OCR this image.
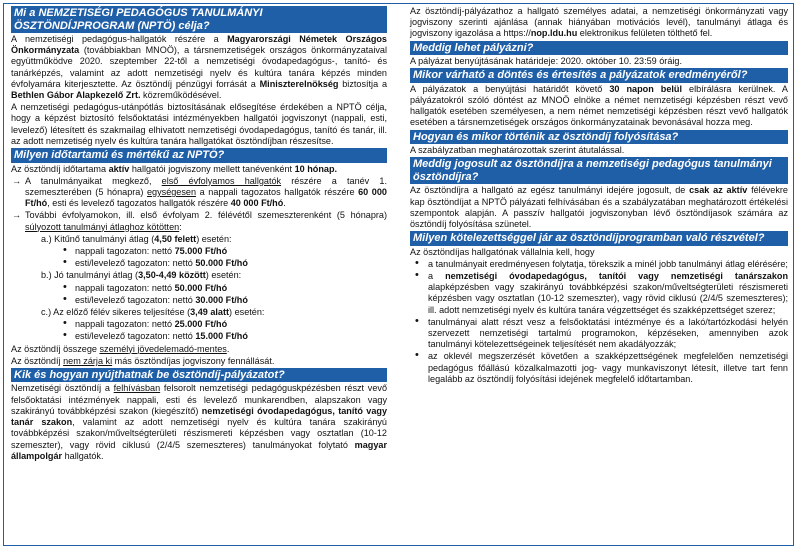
Mi a NEMZETISÉGI PEDAGÓGUS TANULMÁNYI ÖSZTÖNDÍJPROGRAM (NPTÖ) célja?
A nemzetiségi pedagógus-hallgatók részére a Magyarországi Németek Országos Önkormányzata (továbbiakban MNOÖ), a társnemzetiségek országos önkormányzataival együttműködve 2020. szeptember 22-től a nemzetiségi óvodapedagógus-, tanító- és tanárképzés, valamint az adott nemzetiségi nyelv és kultúra tanára képzés minden évfolyamára kiterjesztette. Az ösztöndíj pénzügyi forrását a Miniszterelnökség biztosítja a Bethlen Gábor Alapkezelő Zrt. közreműködésével.
A nemzetiségi pedagógus-utánpótlás biztosításának elősegítése érdekében a NPTÖ célja, hogy a képzést biztosító felsőoktatási intézményekben hallgatói jogviszonyt (nappali, esti, levelező) létesített és szakmailag elhivatott nemzetiségi óvodapedagógus, tanító és tanár, ill. az adott nemzetiség nyelv és kultúra tanára hallgatókat ösztöndíjban részesítse.
Milyen időtartamú és mértékű az NPTÖ?
Az ösztöndíj időtartama aktív hallgatói jogviszony mellett tanévenként 10 hónap.
→ A tanulmányaikat megkező, első évfolyamos hallgatók részére a tanév 1. szemeszterében (5 hónapra) egységesen a nappali tagozatos hallgatók részére 60 000 Ft/hó, esti és levelező tagozatos hallgatók részére 40 000 Ft/hó.
→ További évfolyamokon, ill. első évfolyam 2. félévétől szemeszterenként (5 hónapra) súlyozott tanulmányi átlaghoz kötötten:
a.) Kitűnő tanulmányi átlag (4,50 felett) esetén:
• nappali tagozaton: nettó 75.000 Ft/hó
• esti/levelező tagozaton: nettó 50.000 Ft/hó
b.) Jó tanulmányi átlag (3,50-4,49 között) esetén:
• nappali tagozaton: nettó 50.000 Ft/hó
• esti/levelező tagozaton: nettó 30.000 Ft/hó
c.) Az előző félév sikeres teljesítése (3,49 alatt) esetén:
• nappali tagozaton: nettó 25.000 Ft/hó
• esti/levelező tagozaton: nettó 15.000 Ft/hó
Az ösztöndíj összege személyi jövedelemadó-mentes.
Az ösztöndíj nem zárja ki más ösztöndíjas jogviszony fennállását.
Kik és hogyan nyújthatnak be ösztöndíj-pályázatot?
Nemzetiségi ösztöndíj a felhívásban felsorolt nemzetiségi pedagóguskpézésben részt vevő felsőoktatási intézmények nappali, esti és levelező munkarendben, alapszakon vagy szakirányú továbbképzési szakon (kiegészítő) nemzetiségi óvodapedagógus, tanító vagy tanár szakon, valamint az adott nemzetiségi nyelv és kultúra tanára szakirányú továbbképzési szakon/műveltségterületi részismereti képzésben vagy osztatlan (10-12 szemeszter), vagy rövid ciklusú (2/4/5 szemeszteres) tanulmányokat folytató magyar állampolgár hallgatók.
Az ösztöndíj-pályázathoz a hallgató személyes adatai, a nemzetiségi önkormányzati vagy jogviszony szerinti ajánlása (annak hiányában motivációs levél), tanulmányi átlaga és jogviszony igazolása a https://nop.ldu.hu elektronikus felületen tölthető fel.
Meddig lehet pályázni?
A pályázat benyújtásának határideje: 2020. október 10. 23:59 óráig.
Mikor várható a döntés és értesítés a pályázatok eredményéről?
A pályázatok a benyújtási határidőt követő 30 napon belül elbírálásra kerülnek. A pályázatokról szóló döntést az MNOÖ elnöke a német nemzetiségi képzésben részt vevő hallgatók esetében személyesen, a nem német nemzetiségi képzésben részt vevő hallgatók esetében a társnemzetiségek országos önkormányzatainak bevonásával hozza meg.
Hogyan és mikor történik az ösztöndíj folyósítása?
A szabályzatban meghatározottak szerint átutalással.
Meddig jogosult az ösztöndíjra a nemzetiségi pedagógus tanulmányi ösztöndíjra?
Az ösztöndíjra a hallgató az egész tanulmányi idejére jogosult, de csak az aktív félévekre kap ösztöndíjat a NPTÖ pályázati felhívásában és a szabályzatában meghatározott értékelési szempontok alapján. A passzív hallgatói jogviszonyban lévő ösztöndíjasok számára az ösztöndíj folyósítása szünetel.
Milyen kötelezettséggel jár az ösztöndíjprogramban való részvétel?
Az ösztöndíjas hallgatónak vállalnia kell, hogy
• a tanulmányait eredményesen folytatja, törekszik a minél jobb tanulmányi átlag elérésére;
• a nemzetiségi óvodapedagógus, tanítói vagy nemzetiségi tanárszakon alapképzésben vagy szakirányú továbbképzési szakon/műveltségterületi részismereti képzésben vagy osztatlan (10-12 szemeszter), vagy rövid ciklusú (2/4/5 szemeszteres); ill. adott nemzetiségi nyelv és kultúra tanára végzettséget és szakképzettséget szerez;
• tanulmányai alatt részt vesz a felsőoktatási intézménye és a lakó/tartózkodási helyén szervezett nemzetiségi tartalmú programokon, képzéseken, amennyiben azok tanulmányi kötelezettségeinek teljesítését nem akadályozzák;
• az oklevél megszerzését követően a szakképzettségének megfelelően nemzetiségi pedagógus főállású közalkalmazotti jog- vagy munkaviszonyt létesít, illetve tart fenn legalább az ösztöndíj folyósítási idejének megfelelő időtartamban.
